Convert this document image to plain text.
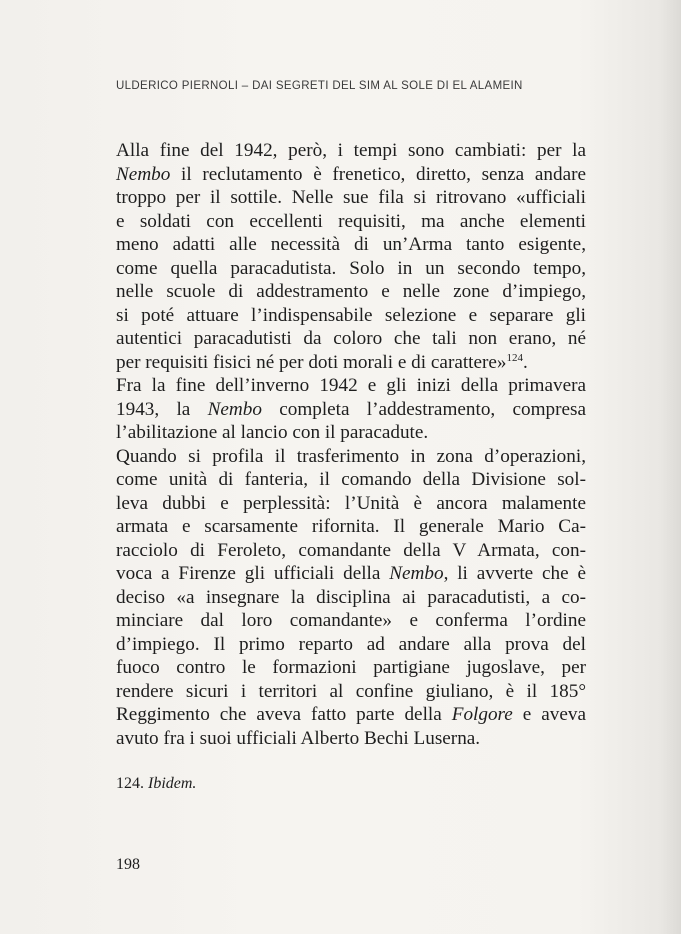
ULDERICO PIERNOLI – DAI SEGRETI DEL SIM AL SOLE DI EL ALAMEIN
Alla fine del 1942, però, i tempi sono cambiati: per la
Nembo il reclutamento è frenetico, diretto, senza andare
troppo per il sottile. Nelle sue fila si ritrovano «ufficiali
e soldati con eccellenti requisiti, ma anche elementi
meno adatti alle necessità di un’Arma tanto esigente,
come quella paracadutista. Solo in un secondo tempo,
nelle scuole di addestramento e nelle zone d’impiego,
si poté attuare l’indispensabile selezione e separare gli
autentici paracadutisti da coloro che tali non erano, né
per requisiti fisici né per doti morali e di carattere»$^{124}$.
Fra la fine dell’inverno 1942 e gli inizi della primavera
1943, la Nembo completa l’addestramento, compresa
l’abilitazione al lancio con il paracadute.
Quando si profila il trasferimento in zona d’operazioni,
come unità di fanteria, il comando della Divisione sol-
leva dubbi e perplessità: l’Unità è ancora malamente
armata e scarsamente rifornita. Il generale Mario Ca-
racciolo di Feroleto, comandante della V Armata, con-
voca a Firenze gli ufficiali della Nembo, li avverte che è
deciso «a insegnare la disciplina ai paracadutisti, a co-
minciare dal loro comandante» e conferma l’ordine
d’impiego. Il primo reparto ad andare alla prova del
fuoco contro le formazioni partigiane jugoslave, per
rendere sicuri i territori al confine giuliano, è il 185°
Reggimento che aveva fatto parte della Folgore e aveva
avuto fra i suoi ufficiali Alberto Bechi Luserna.
124. Ibidem.
198
